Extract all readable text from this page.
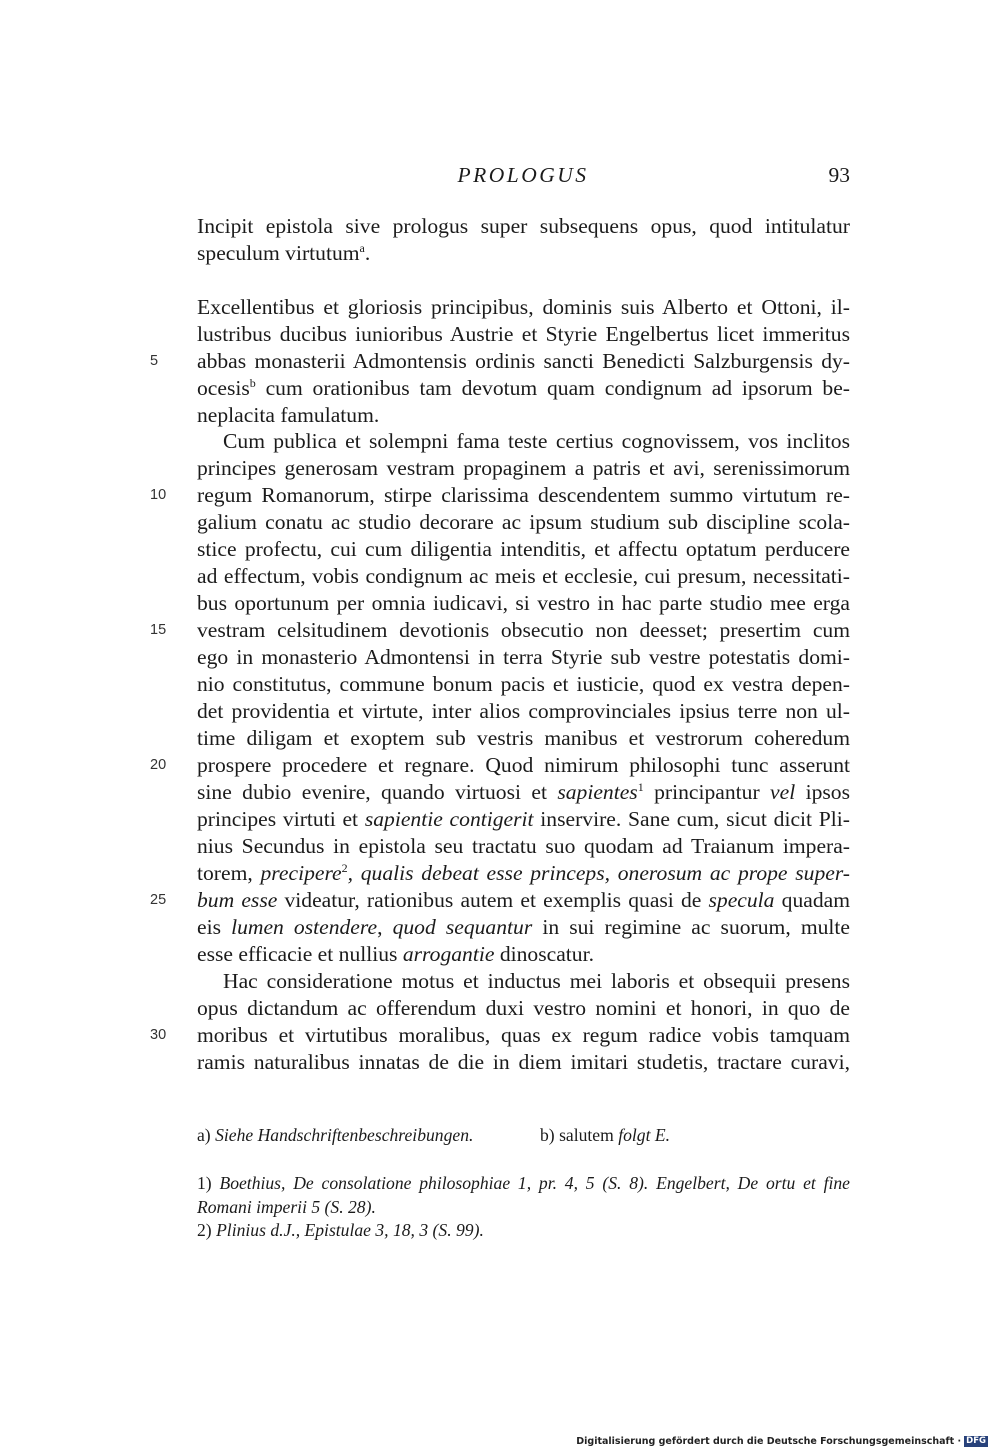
PROLOGUS	93
Incipit epistola sive prologus super subsequens opus, quod intitulatur
speculum virtutum$^a$.
Excellentibus et gloriosis principibus, dominis suis Alberto et Ottoni, il-
lustribus ducibus iunioribus Austrie et Styrie Engelbertus licet immeritus
abbas monasterii Admontensis ordinis sancti Benedicti Salzburgensis dy-
ocesis$^b$ cum orationibus tam devotum quam condignum ad ipsorum be-
neplacita famulatum.
Cum publica et solempni fama teste certius cognovissem, vos inclitos
principes generosam vestram propaginem a patris et avi, serenissimorum
regum Romanorum, stirpe clarissima descendentem summo virtutum re-
galium conatu ac studio decorare ac ipsum studium sub discipline scola-
stice profectu, cui cum diligentia intenditis, et affectu optatum perducere
ad effectum, vobis condignum ac meis et ecclesie, cui presum, necessitati-
bus oportunum per omnia iudicavi, si vestro in hac parte studio mee erga
vestram celsitudinem devotionis obsecutio non deesset; presertim cum
ego in monasterio Admontensi in terra Styrie sub vestre potestatis domi-
nio constitutus, commune bonum pacis et iusticie, quod ex vestra depen-
det providentia et virtute, inter alios comprovinciales ipsius terre non ul-
time diligam et exoptem sub vestris manibus et vestrorum coheredum
prospere procedere et regnare. Quod nimirum philosophi tunc asserunt
sine dubio evenire, quando virtuosi et sapientes$^1$ principantur vel ipsos
principes virtuti et sapientie contigerit inservire. Sane cum, sicut dicit Pli-
nius Secundus in epistola seu tractatu suo quodam ad Traianum impera-
torem, precipere$^2$, qualis debeat esse princeps, onerosum ac prope super-
bum esse videatur, rationibus autem et exemplis quasi de specula quadam
eis lumen ostendere, quod sequantur in sui regimine ac suorum, multe
esse efficacie et nullius arrogantie dinoscatur.
Hac consideratione motus et inductus mei laboris et obsequii presens
opus dictandum ac offerendum duxi vestro nomini et honori, in quo de
moribus et virtutibus moralibus, quas ex regum radice vobis tamquam
ramis naturalibus innatas de die in diem imitari studetis, tractare curavi,
5
10
15
20
25
30
a) Siehe Handschriftenbeschreibungen.	b) salutem folgt E.
1) Boethius, De consolatione philosophiae 1, pr. 4, 5 (S. 8). Engelbert, De ortu et fine
Romani imperii 5 (S. 28).
2) Plinius d.J., Epistulae 3, 18, 3 (S. 99).
Digitalisierung gefördert durch die Deutsche Forschungsgemeinschaft · DFG
